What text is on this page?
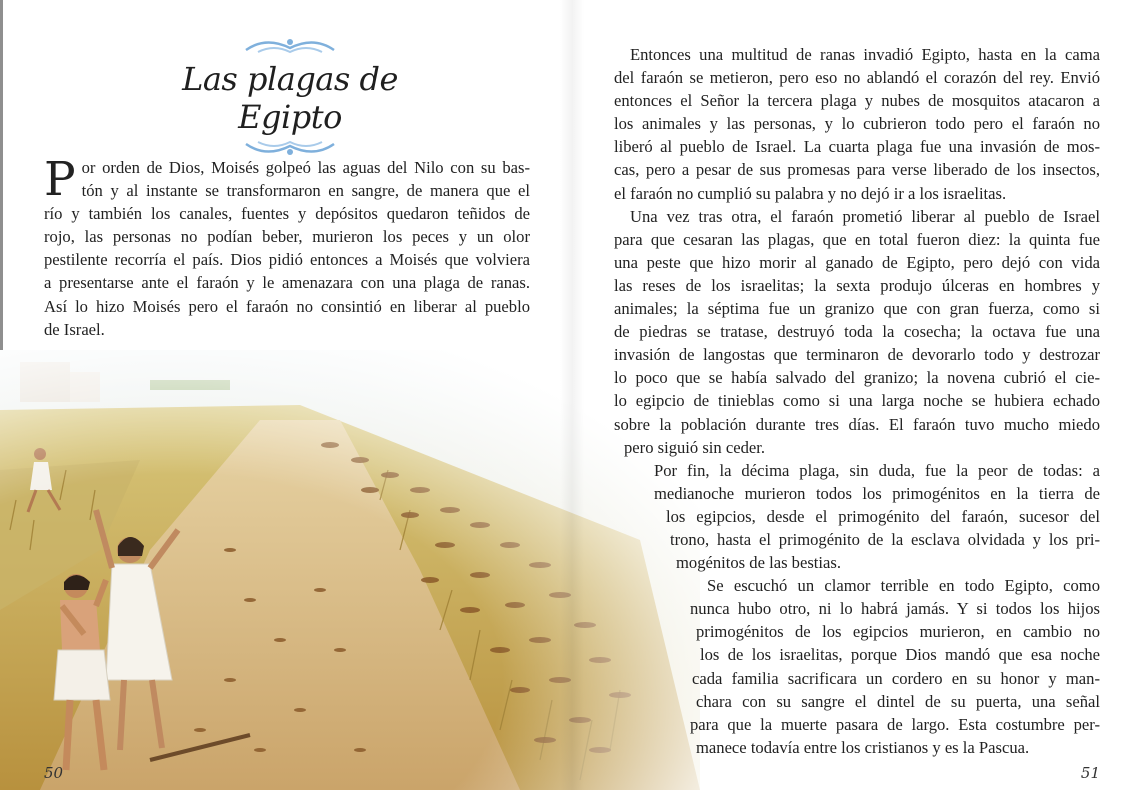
Las plagas de Egipto
P or orden de Dios, Moisés golpeó las aguas del Nilo con su bas-
tón y al instante se transformaron en sangre, de manera que el
río y también los canales, fuentes y depósitos quedaron teñidos de
rojo, las personas no podían beber, murieron los peces y un olor
pestilente recorría el país. Dios pidió entonces a Moisés que volviera
a presentarse ante el faraón y le amenazara con una plaga de ranas.
Así lo hizo Moisés pero el faraón no consintió en liberar al pueblo
de Israel.
Entonces una multitud de ranas invadió Egipto, hasta en la cama
del faraón se metieron, pero eso no ablandó el corazón del rey. Envió
entonces el Señor la tercera plaga y nubes de mosquitos atacaron a
los animales y las personas, y lo cubrieron todo pero el faraón no
liberó al pueblo de Israel. La cuarta plaga fue una invasión de mos-
cas, pero a pesar de sus promesas para verse liberado de los insectos,
el faraón no cumplió su palabra y no dejó ir a los israelitas.
Una vez tras otra, el faraón prometió liberar al pueblo de Israel
para que cesaran las plagas, que en total fueron diez: la quinta fue
una peste que hizo morir al ganado de Egipto, pero dejó con vida
las reses de los israelitas; la sexta produjo úlceras en hombres y
animales; la séptima fue un granizo que con gran fuerza, como si
de piedras se tratase, destruyó toda la cosecha; la octava fue una
invasión de langostas que terminaron de devorarlo todo y destrozar
lo poco que se había salvado del granizo; la novena cubrió el cie-
lo egipcio de tinieblas como si una larga noche se hubiera echado
sobre la población durante tres días. El faraón tuvo mucho miedo
pero siguió sin ceder.
Por fin, la décima plaga, sin duda, fue la peor de todas: a
medianoche murieron todos los primogénitos en la tierra de
los egipcios, desde el primogénito del faraón, sucesor del
trono, hasta el primogénito de la esclava olvidada y los pri-
mogénitos de las bestias.
Se escuchó un clamor terrible en todo Egipto, como
nunca hubo otro, ni lo habrá jamás. Y si todos los hijos
primogénitos de los egipcios murieron, en cambio no
los de los israelitas, porque Dios mandó que esa noche
cada familia sacrificara un cordero en su honor y man-
chara con su sangre el dintel de su puerta, una señal
para que la muerte pasara de largo. Esta costumbre per-
manece todavía entre los cristianos y es la Pascua.
50	51
